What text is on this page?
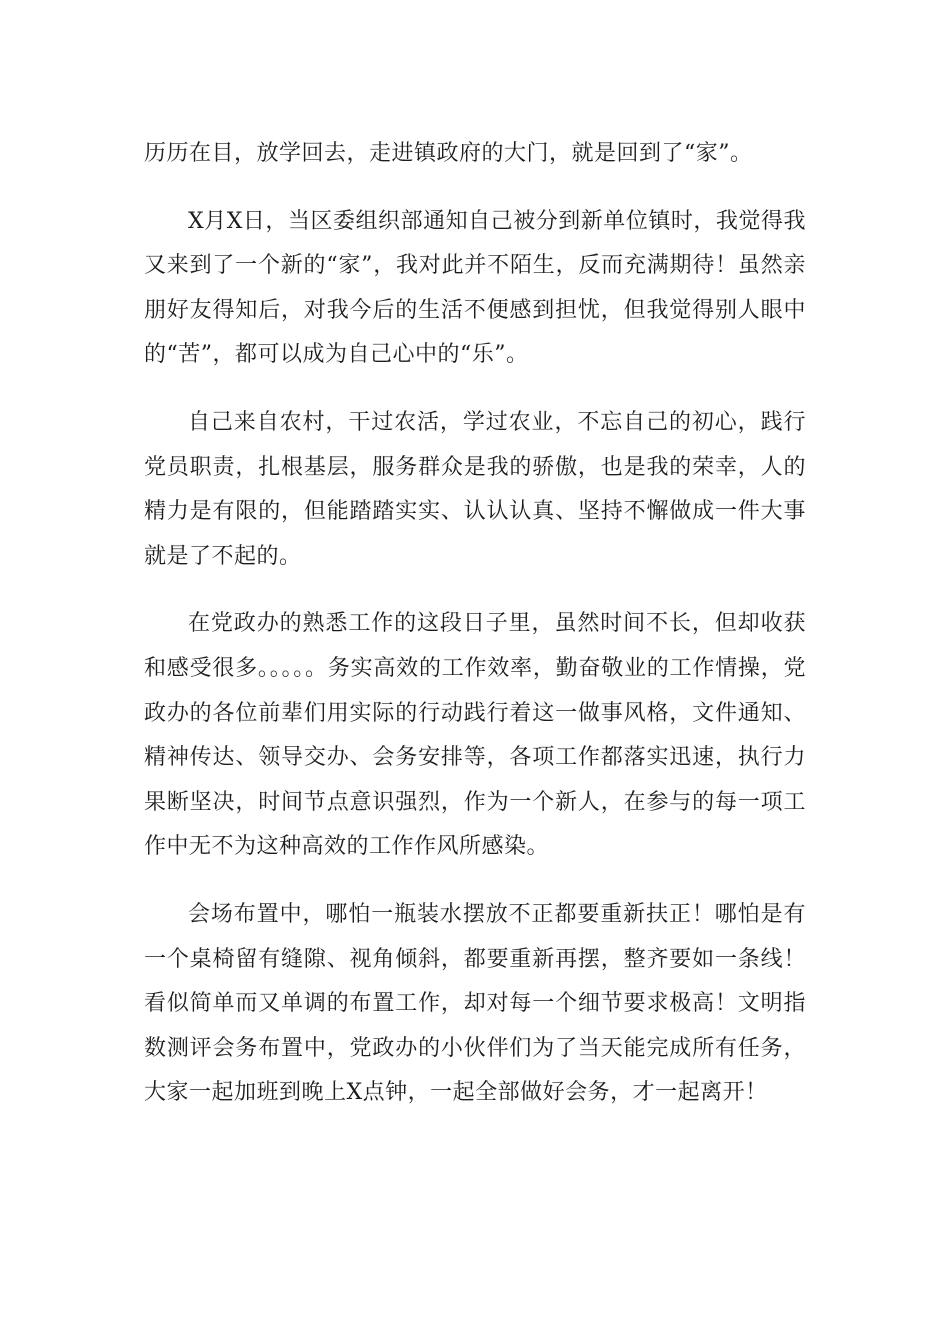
历历在目，放学回去，走进镇政府的大门，就是回到了“家”。

X月X日，当区委组织部通知自己被分到新单位镇时，我觉得我又来到了一个新的“家”，我对此并不陌生，反而充满期待！虽然亲朋好友得知后，对我今后的生活不便感到担忧，但我觉得别人眼中的“苦”，都可以成为自己心中的“乐”。

自己来自农村，干过农活，学过农业，不忘自己的初心，践行党员职责，扎根基层，服务群众是我的骄傲，也是我的荣幸，人的精力是有限的，但能踏踏实实、认认认真、坚持不懈做成一件大事就是了不起的。

在党政办的熟悉工作的这段日子里，虽然时间不长，但却收获和感受很多。。。。。务实高效的工作效率，勤奋敬业的工作情操，党政办的各位前辈们用实际的行动践行着这一做事风格，文件通知、精神传达、领导交办、会务安排等，各项工作都落实迅速，执行力果断坚决，时间节点意识强烈，作为一个新人，在参与的每一项工作中无不为这种高效的工作作风所感染。

会场布置中，哪怕一瓶装水摆放不正都要重新扶正！哪怕是有一个桌椅留有缝隙、视角倾斜，都要重新再摆，整齐要如一条线！看似简单而又单调的布置工作，却对每一个细节要求极高！文明指数测评会务布置中，党政办的小伙伴们为了当天能完成所有任务，大家一起加班到晚上X点钟，一起全部做好会务，才一起离开！
